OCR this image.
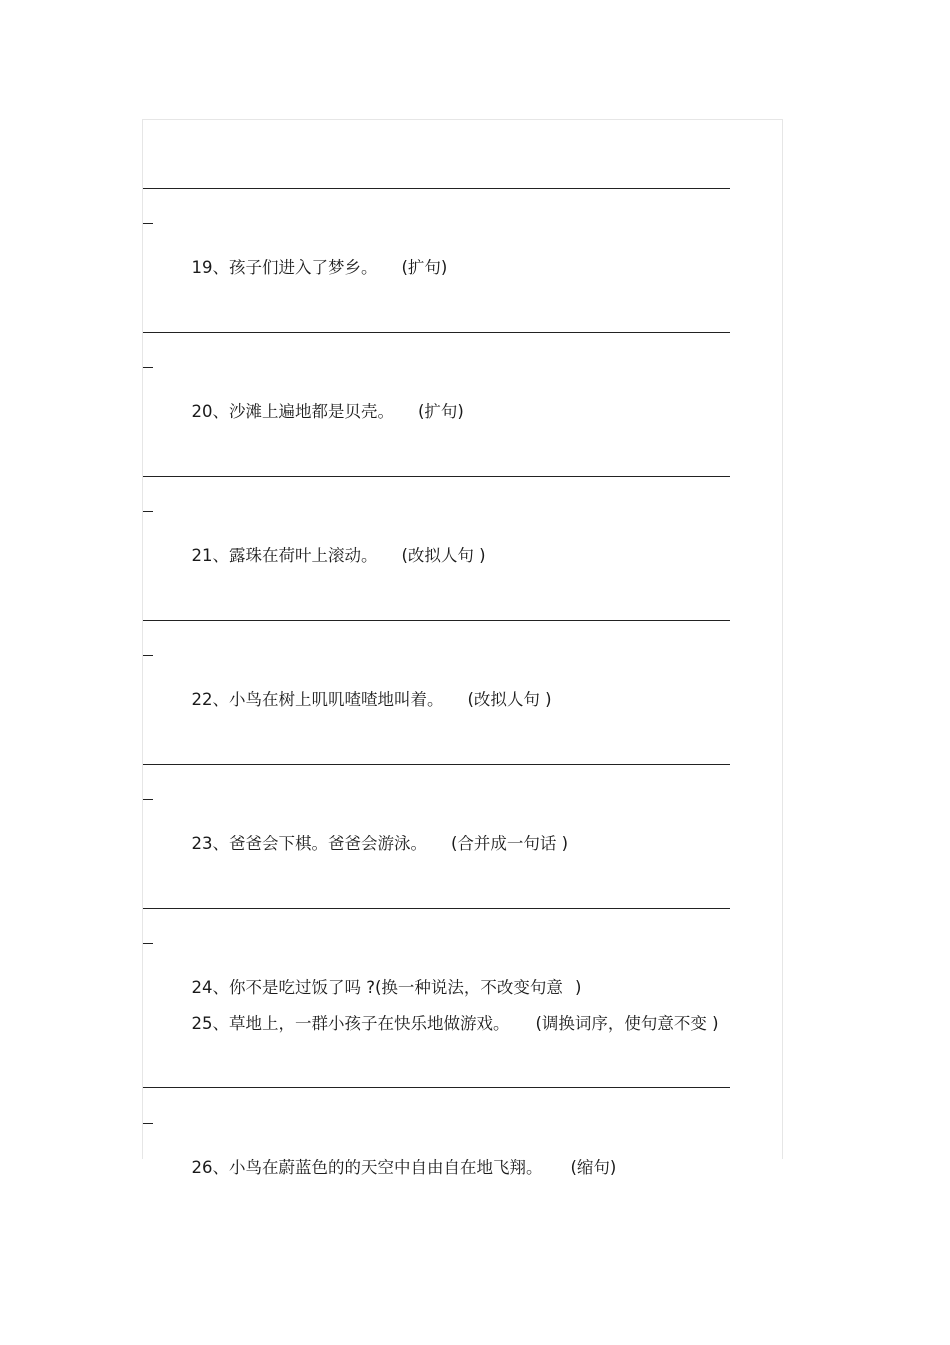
19、孩子们进入了梦乡。 (扩句)

20、沙滩上遍地都是贝壳。 (扩句)

21、露珠在荷叶上滚动。 (改拟人句 )

22、小鸟在树上叽叽喳喳地叫着。 (改拟人句 )

23、爸爸会下棋。爸爸会游泳。 (合并成一句话 )

24、你不是吃过饭了吗 ?(换一种说法，不改变句意 )

25、草地上，一群小孩子在快乐地做游戏。 (调换词序，使句意不变 )

26、小鸟在蔚蓝色的的天空中自由自在地飞翔。 (缩句)
